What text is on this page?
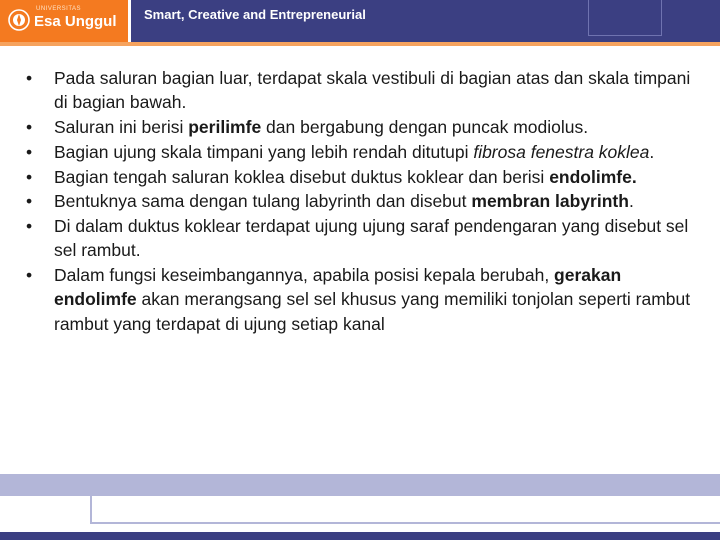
UNIVERSITAS
Esa Unggul Smart, Creative and Entrepreneurial
•	Pada saluran bagian luar, terdapat skala vestibuli di bagian atas dan skala timpani di bagian bawah.
•	Saluran ini berisi perilimfe dan bergabung dengan puncak modiolus.
•	Bagian ujung skala timpani yang lebih rendah ditutupi fibrosa fenestra koklea.
•	Bagian tengah saluran koklea disebut duktus koklear dan berisi endolimfe.
•	Bentuknya sama dengan tulang labyrinth dan disebut membran labyrinth.
•	Di dalam duktus koklear terdapat ujung ujung saraf pendengaran yang disebut sel sel rambut.
•	Dalam fungsi keseimbangannya, apabila posisi kepala berubah, gerakan endolimfe akan merangsang sel sel khusus yang memiliki tonjolan seperti rambut rambut yang terdapat di ujung setiap kanal
